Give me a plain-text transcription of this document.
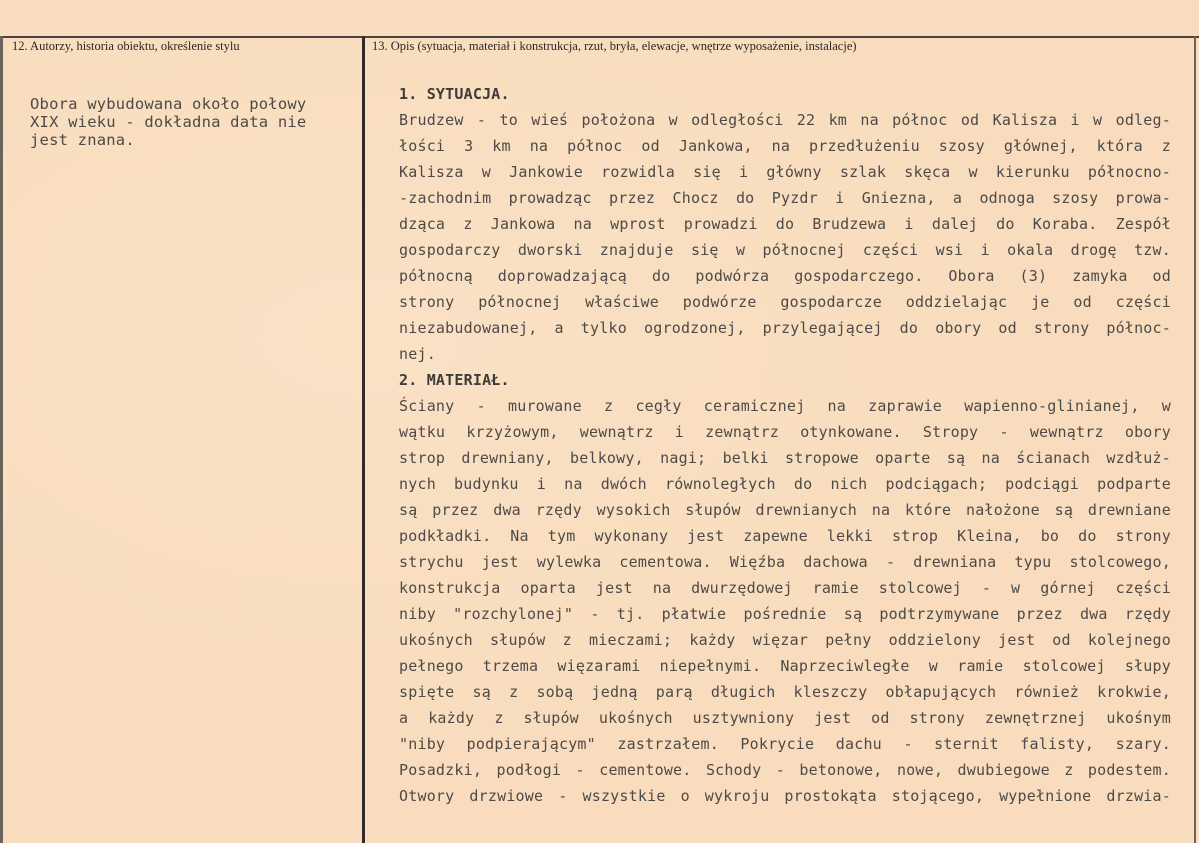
12. Autorzy, historia obiektu, określenie stylu	13. Opis (sytuacja, materiał i konstrukcja, rzut, bryła, elewacje, wnętrze wyposażenie, instalacje)
Obora wybudowana około połowy
XIX wieku - dokładna data nie
jest znana.
1. SYTUACJA.
Brudzew - to wieś położona w odległości 22 km na północ od Kalisza i w odleg-
łości 3 km na północ od Jankowa, na przedłużeniu szosy głównej, która z
Kalisza w Jankowie rozwidla się i główny szlak skęca w kierunku północno-
-zachodnim prowadząc przez Chocz do Pyzdr i Gniezna, a odnoga szosy prowa-
dząca z Jankowa na wprost prowadzi do Brudzewa i dalej do Koraba. Zespół
gospodarczy dworski znajduje się w północnej części wsi i okala drogę tzw.
północną doprowadzającą do podwórza gospodarczego. Obora (3) zamyka od
strony północnej właściwe podwórze gospodarcze oddzielając je od części
niezabudowanej, a tylko ogrodzonej, przylegającej do obory od strony północ-
nej.
2. MATERIAŁ.
Ściany - murowane z cegły ceramicznej na zaprawie wapienno-glinianej, w
wątku krzyżowym, wewnątrz i zewnątrz otynkowane. Stropy - wewnątrz obory
strop drewniany, belkowy, nagi; belki stropowe oparte są na ścianach wzdłuż-
nych budynku i na dwóch równoległych do nich podciągach; podciągi podparte
są przez dwa rzędy wysokich słupów drewnianych na które nałożone są drewniane
podkładki. Na tym wykonany jest zapewne lekki strop Kleina, bo do strony
strychu jest wylewka cementowa. Więźba dachowa - drewniana typu stolcowego,
konstrukcja oparta jest na dwurzędowej ramie stolcowej - w górnej części
niby "rozchylonej" - tj. płatwie pośrednie są podtrzymywane przez dwa rzędy
ukośnych słupów z mieczami; każdy więzar pełny oddzielony jest od kolejnego
pełnego trzema więzarami niepełnymi. Naprzeciwległe w ramie stolcowej słupy
spięte są z sobą jedną parą długich kleszczy obłapujących również krokwie,
a każdy z słupów ukośnych usztywniony jest od strony zewnętrznej ukośnym
"niby podpierającym" zastrzałem. Pokrycie dachu - sternit falisty, szary.
Posadzki, podłogi - cementowe. Schody - betonowe, nowe, dwubiegowe z podestem.
Otwory drzwiowe - wszystkie o wykroju prostokąta stojącego, wypełnione drzwia-
